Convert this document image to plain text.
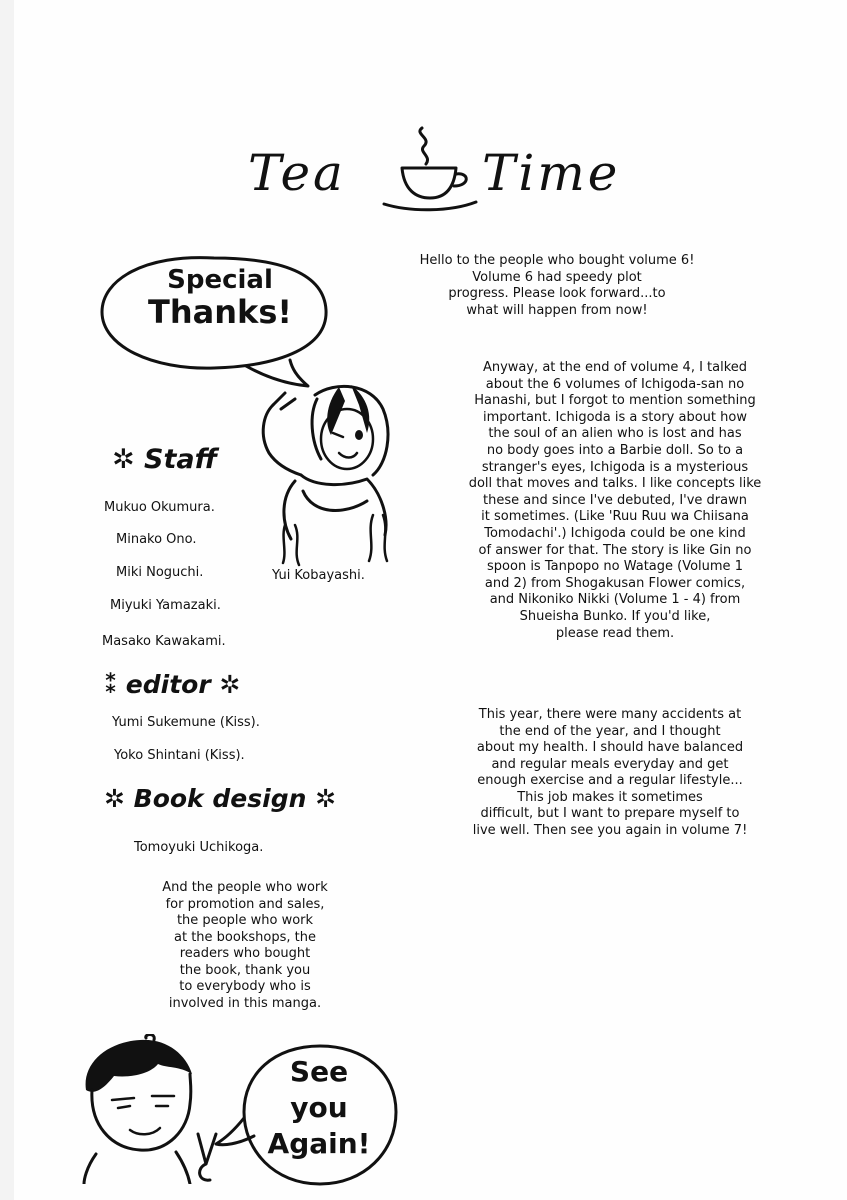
Tea	Time
Special
Thanks!
✲ Staff
Mukuo Okumura.
Minako Ono.
Miki Noguchi.	Yui Kobayashi.
Miyuki Yamazaki.
Masako Kawakami.
⁑ editor ✲
Yumi Sukemune (Kiss).
Yoko Shintani (Kiss).
✲ Book design ✲
Tomoyuki Uchikoga.
And the people who work
for promotion and sales,
the people who work
at the bookshops, the
readers who bought
the book, thank you
to everybody who is
involved in this manga.
See
you
Again!
Hello to the people who bought volume 6!
Volume 6 had speedy plot
progress. Please look forward...to
what will happen from now!
Anyway, at the end of volume 4, I talked
about the 6 volumes of Ichigoda-san no
Hanashi, but I forgot to mention something
important. Ichigoda is a story about how
the soul of an alien who is lost and has
no body goes into a Barbie doll. So to a
stranger's eyes, Ichigoda is a mysterious
doll that moves and talks. I like concepts like
these and since I've debuted, I've drawn
it sometimes. (Like 'Ruu Ruu wa Chiisana
Tomodachi'.) Ichigoda could be one kind
of answer for that. The story is like Gin no
spoon is Tanpopo no Watage (Volume 1
and 2) from Shogakusan Flower comics,
and Nikoniko Nikki (Volume 1 - 4) from
Shueisha Bunko. If you'd like,
please read them.
This year, there were many accidents at
the end of the year, and I thought
about my health. I should have balanced
and regular meals everyday and get
enough exercise and a regular lifestyle...
This job makes it sometimes
difficult, but I want to prepare myself to
live well. Then see you again in volume 7!
